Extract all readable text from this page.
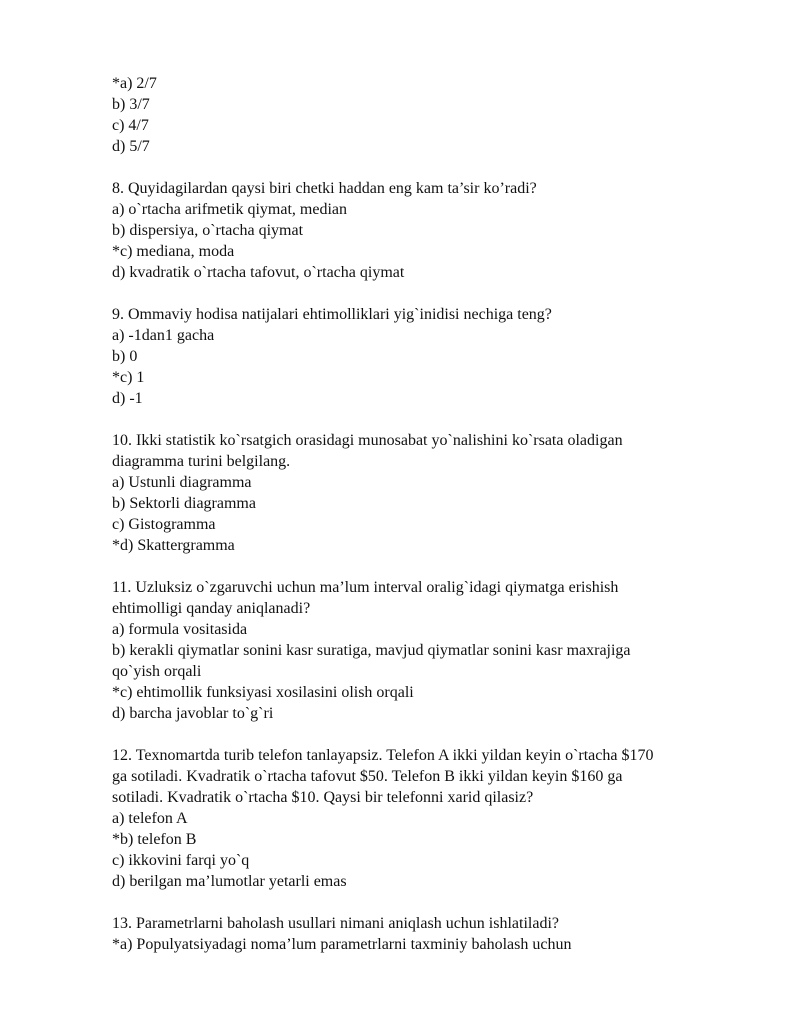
*a) 2/7
b) 3/7
c) 4/7
d) 5/7
8. Quyidagilardan qaysi biri chetki haddan eng kam ta’sir ko’radi?
a) o`rtacha arifmetik qiymat, median
b) dispersiya, o`rtacha qiymat
*c) mediana, moda
d) kvadratik o`rtacha tafovut, o`rtacha qiymat
9. Ommaviy hodisa natijalari ehtimolliklari yig`inidisi nechiga teng?
a) -1dan1 gacha
b) 0
*c) 1
d) -1
10. Ikki statistik ko`rsatgich orasidagi munosabat yo`nalishini ko`rsata oladigan
diagramma turini belgilang.
a) Ustunli diagramma
b) Sektorli diagramma
c) Gistogramma
*d) Skattergramma
11. Uzluksiz o`zgaruvchi uchun ma’lum interval oralig`idagi qiymatga erishish
ehtimolligi qanday aniqlanadi?
a) formula vositasida
b) kerakli qiymatlar sonini kasr suratiga, mavjud qiymatlar sonini kasr maxrajiga
qo`yish orqali
*c) ehtimollik funksiyasi xosilasini olish orqali
d) barcha javoblar to`g`ri
12. Texnomartda turib telefon tanlayapsiz. Telefon A ikki yildan keyin o`rtacha $170
ga sotiladi. Kvadratik o`rtacha tafovut $50. Telefon B ikki yildan keyin $160 ga
sotiladi. Kvadratik o`rtacha $10. Qaysi bir telefonni xarid qilasiz?
a) telefon A
*b) telefon B
c) ikkovini farqi yo`q
d) berilgan ma’lumotlar yetarli emas
13. Parametrlarni baholash usullari nimani aniqlash uchun ishlatiladi?
*a) Populyatsiyadagi noma’lum parametrlarni taxminiy baholash uchun
